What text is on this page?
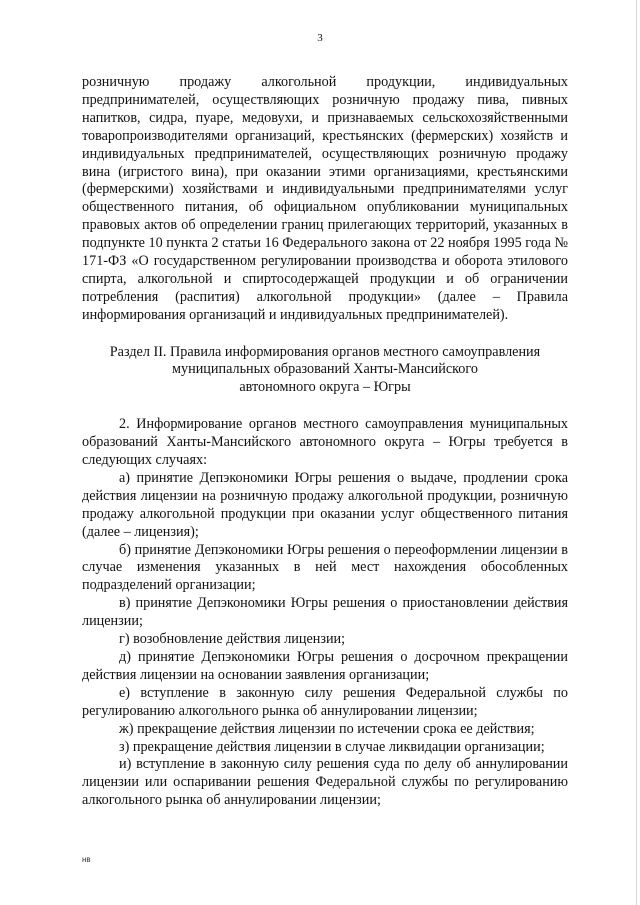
3

розничную продажу алкогольной продукции, индивидуальных предпринимателей, осуществляющих розничную продажу пива, пивных напитков, сидра, пуаре, медовухи, и признаваемых сельскохозяйственными товаропроизводителями организаций, крестьянских (фермерских) хозяйств и индивидуальных предпринимателей, осуществляющих розничную продажу вина (игристого вина), при оказании этими организациями, крестьянскими (фермерскими) хозяйствами и индивидуальными предпринимателями услуг общественного питания, об официальном опубликовании муниципальных правовых актов об определении границ прилегающих территорий, указанных в подпункте 10 пункта 2 статьи 16 Федерального закона от 22 ноября 1995 года № 171-ФЗ «О государственном регулировании производства и оборота этилового спирта, алкогольной и спиртосодержащей продукции и об ограничении потребления (распития) алкогольной продукции» (далее – Правила информирования организаций и индивидуальных предпринимателей).

Раздел II. Правила информирования органов местного самоуправления
муниципальных образований Ханты-Мансийского
автономного округа – Югры

2. Информирование органов местного самоуправления муниципальных образований Ханты-Мансийского автономного округа – Югры требуется в следующих случаях:

а) принятие Депэкономики Югры решения о выдаче, продлении срока действия лицензии на розничную продажу алкогольной продукции, розничную продажу алкогольной продукции при оказании услуг общественного питания (далее – лицензия);

б) принятие Депэкономики Югры решения о переоформлении лицензии в случае изменения указанных в ней мест нахождения обособленных подразделений организации;

в) принятие Депэкономики Югры решения о приостановлении действия лицензии;

г) возобновление действия лицензии;

д) принятие Депэкономики Югры решения о досрочном прекращении действия лицензии на основании заявления организации;

е) вступление в законную силу решения Федеральной службы по регулированию алкогольного рынка об аннулировании лицензии;

ж) прекращение действия лицензии по истечении срока ее действия;

з) прекращение действия лицензии в случае ликвидации организации;

и) вступление в законную силу решения суда по делу об аннулировании лицензии или оспаривании решения Федеральной службы по регулированию алкогольного рынка об аннулировании лицензии;

нв
